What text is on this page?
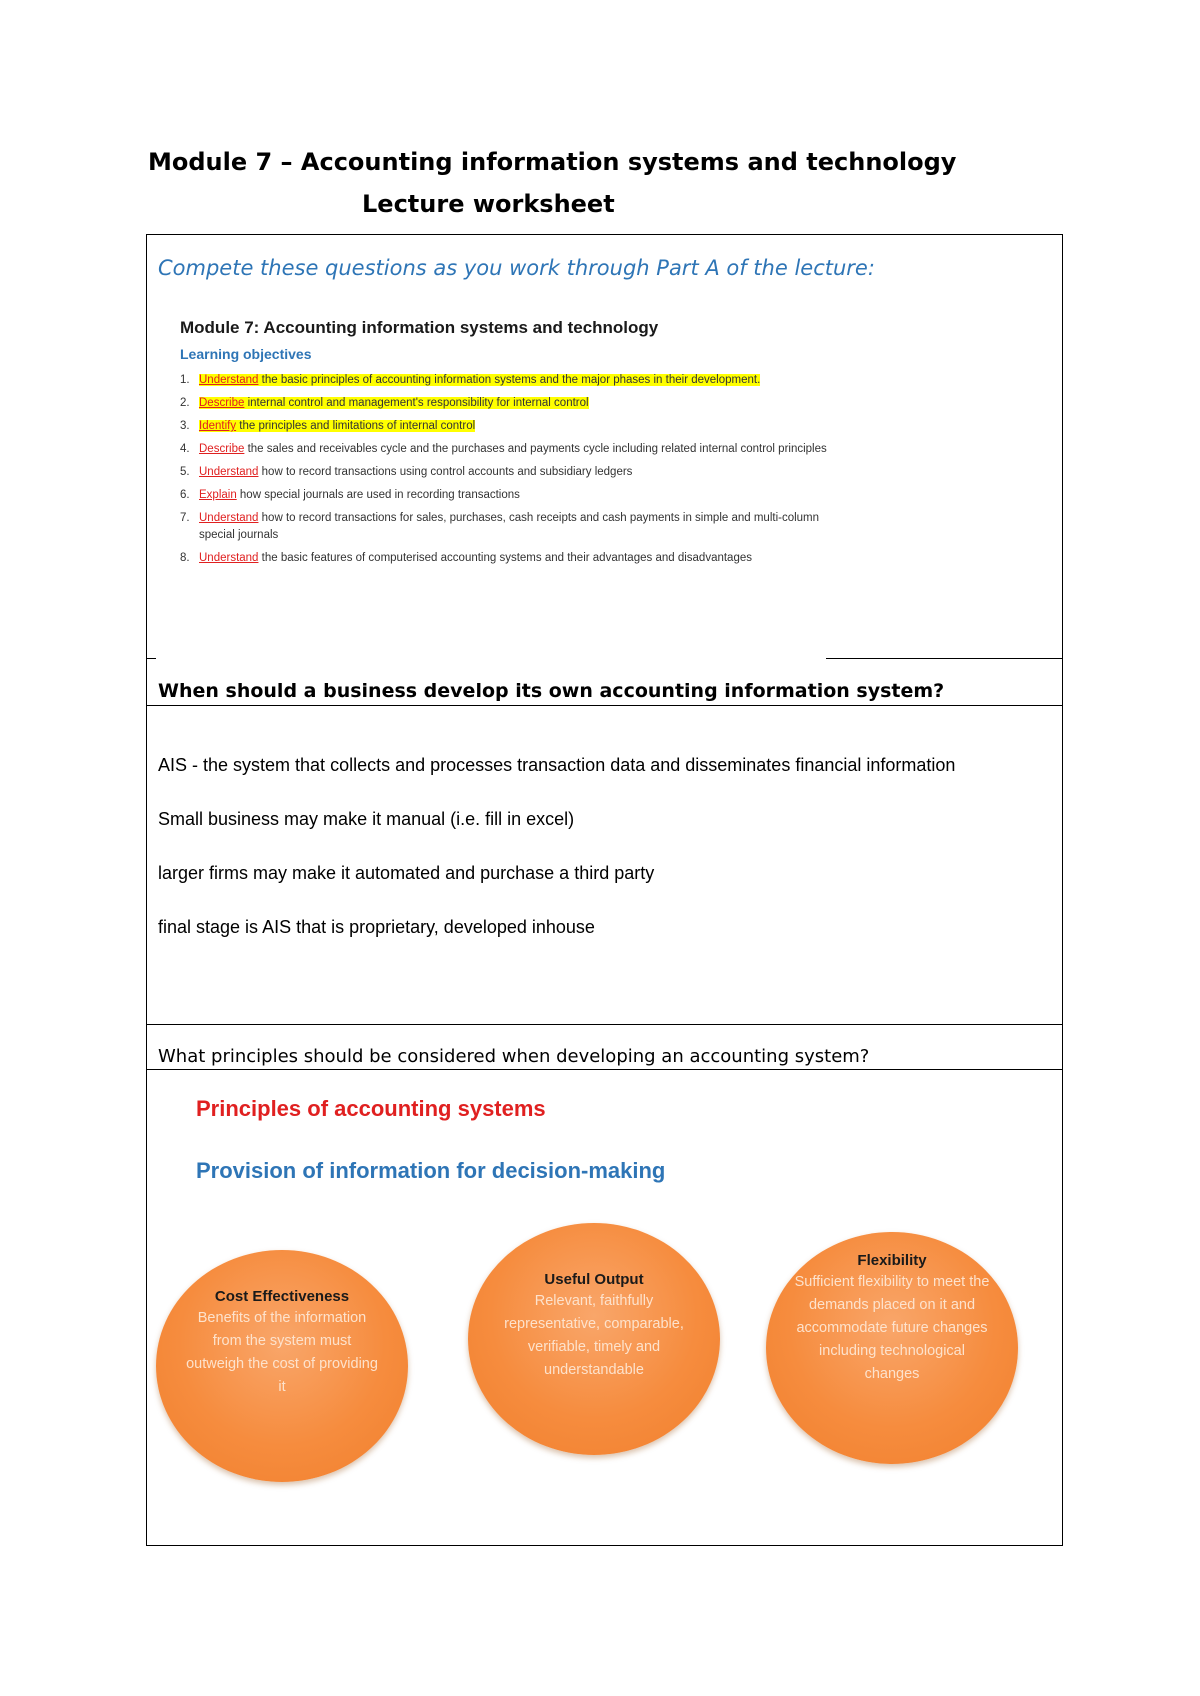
Module 7 – Accounting information systems and technology
Lecture worksheet

Compete these questions as you work through Part A of the lecture:

Module 7: Accounting information systems and technology

Learning objectives

1. Understand the basic principles of accounting information systems and the major phases in their development.
2. Describe internal control and management's responsibility for internal control
3. Identify the principles and limitations of internal control
4. Describe the sales and receivables cycle and the purchases and payments cycle including related internal control principles
5. Understand how to record transactions using control accounts and subsidiary ledgers
6. Explain how special journals are used in recording transactions
7. Understand how to record transactions for sales, purchases, cash receipts and cash payments in simple and multi-column special journals
8. Understand the basic features of computerised accounting systems and their advantages and disadvantages

When should a business develop its own accounting information system?

AIS - the system that collects and processes transaction data and disseminates financial information

Small business may make it manual (i.e. fill in excel)

larger firms may make it automated and purchase a third party

final stage is AIS that is proprietary, developed inhouse

What principles should be considered when developing an accounting system?

Principles of accounting systems

Provision of information for decision-making

Cost Effectiveness

Benefits of the information from the system must outweigh the cost of providing it

Useful Output

Relevant, faithfully representative, comparable, verifiable, timely and understandable

Flexibility

Sufficient flexibility to meet the demands placed on it and accommodate future changes including technological changes
